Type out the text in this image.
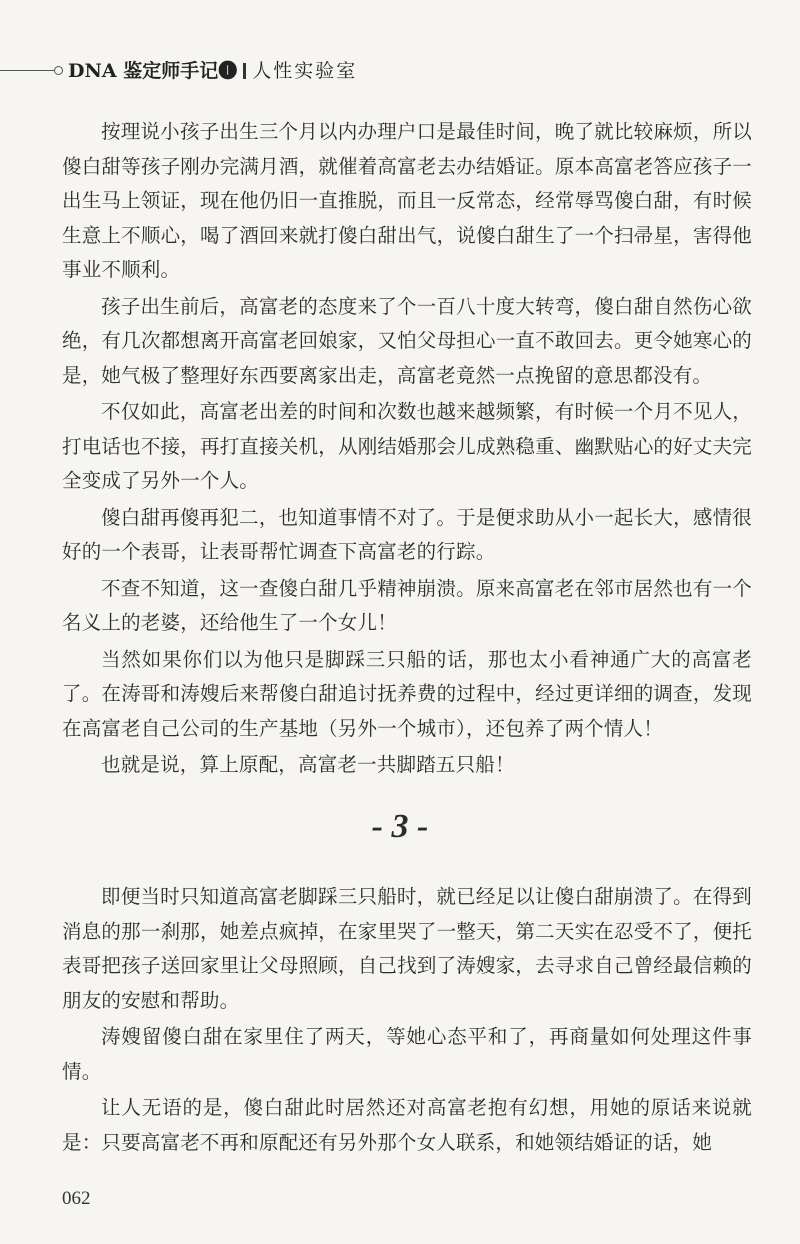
DNA 鉴定师手记❶ 人性实验室

按理说小孩子出生三个月以内办理户口是最佳时间，晚了就比较麻烦，所以傻白甜等孩子刚办完满月酒，就催着高富老去办结婚证。原本高富老答应孩子一出生马上领证，现在他仍旧一直推脱，而且一反常态，经常辱骂傻白甜，有时候生意上不顺心，喝了酒回来就打傻白甜出气，说傻白甜生了一个扫帚星，害得他事业不顺利。

孩子出生前后，高富老的态度来了个一百八十度大转弯，傻白甜自然伤心欲绝，有几次都想离开高富老回娘家，又怕父母担心一直不敢回去。更令她寒心的是，她气极了整理好东西要离家出走，高富老竟然一点挽留的意思都没有。

不仅如此，高富老出差的时间和次数也越来越频繁，有时候一个月不见人，打电话也不接，再打直接关机，从刚结婚那会儿成熟稳重、幽默贴心的好丈夫完全变成了另外一个人。

傻白甜再傻再犯二，也知道事情不对了。于是便求助从小一起长大，感情很好的一个表哥，让表哥帮忙调查下高富老的行踪。

不查不知道，这一查傻白甜几乎精神崩溃。原来高富老在邻市居然也有一个名义上的老婆，还给他生了一个女儿！

当然如果你们以为他只是脚踩三只船的话，那也太小看神通广大的高富老了。在涛哥和涛嫂后来帮傻白甜追讨抚养费的过程中，经过更详细的调查，发现在高富老自己公司的生产基地（另外一个城市），还包养了两个情人！

也就是说，算上原配，高富老一共脚踏五只船！

- 3 -

即便当时只知道高富老脚踩三只船时，就已经足以让傻白甜崩溃了。在得到消息的那一刹那，她差点疯掉，在家里哭了一整天，第二天实在忍受不了，便托表哥把孩子送回家里让父母照顾，自己找到了涛嫂家，去寻求自己曾经最信赖的朋友的安慰和帮助。

涛嫂留傻白甜在家里住了两天，等她心态平和了，再商量如何处理这件事情。

让人无语的是，傻白甜此时居然还对高富老抱有幻想，用她的原话来说就是：只要高富老不再和原配还有另外那个女人联系，和她领结婚证的话，她

062
